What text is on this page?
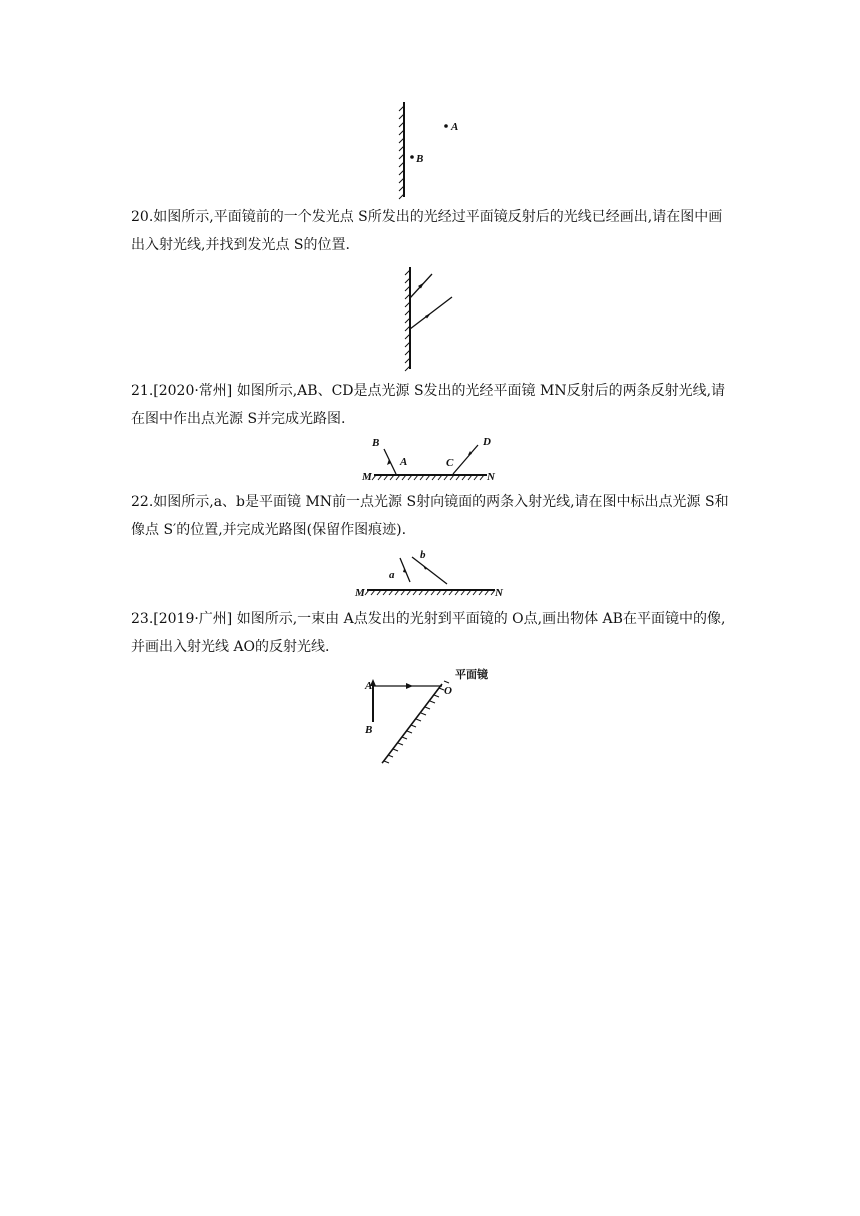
A
B

20.如图所示,平面镜前的一个发光点 S所发出的光经过平面镜反射后的光线已经画出,请在图中画出入射光线,并找到发光点 S的位置.

21.[2020·常州] 如图所示,AB、CD是点光源 S发出的光经平面镜 MN反射后的两条反射光线,请在图中作出点光源 S并完成光路图.

B
A	C
D
M	N

22.如图所示,a、b是平面镜 MN前一点光源 S射向镜面的两条入射光线,请在图中标出点光源 S和像点 S′的位置,并完成光路图(保留作图痕迹).

a
b
M	N

23.[2019·广州] 如图所示,一束由 A点发出的光射到平面镜的 O点,画出物体 AB在平面镜中的像,并画出入射光线 AO的反射光线.

A
B
O
平面镜
